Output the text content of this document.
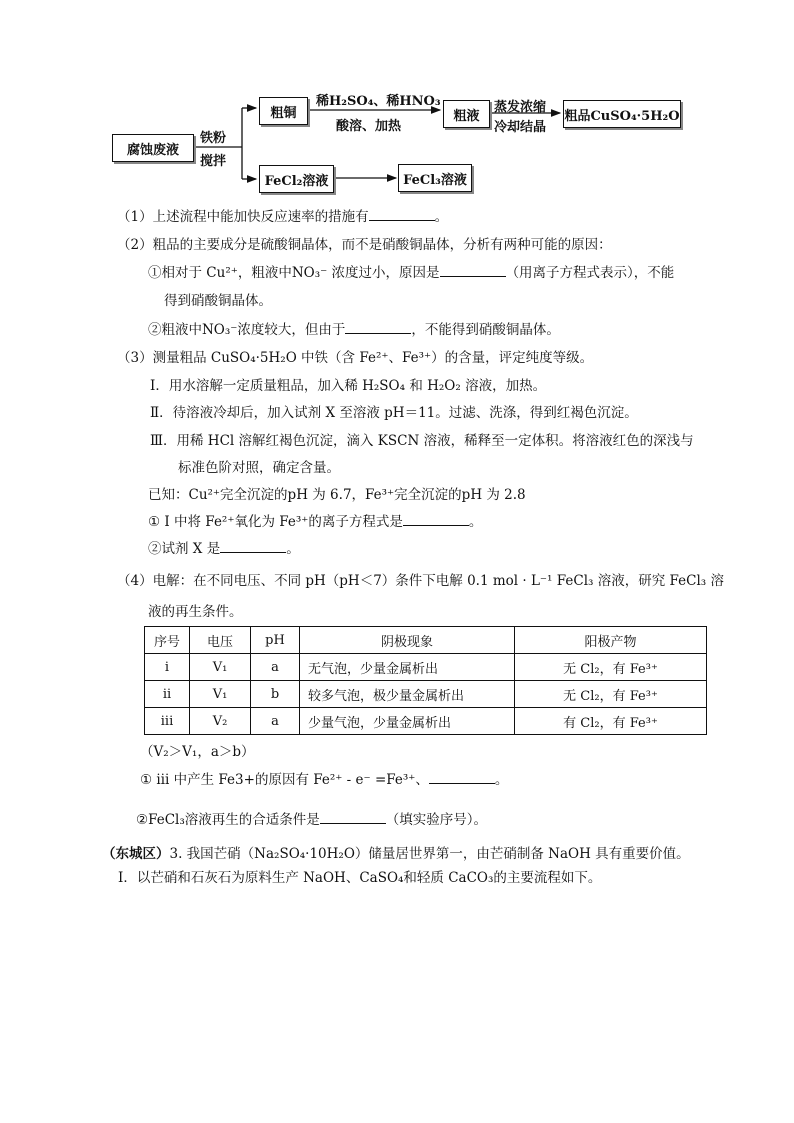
腐蚀废液
铁粉
搅拌
粗铜
稀H₂SO₄、稀HNO₃
酸溶、加热
粗液
蒸发浓缩
冷却结晶
粗品CuSO₄·5H₂O
FeCl₂溶液	FeCl₃溶液
（1）上述流程中能加快反应速率的措施有	。
（2）粗品的主要成分是硫酸铜晶体，而不是硝酸铜晶体，分析有两种可能的原因：
①相对于 Cu²⁺，粗液中NO₃⁻ 浓度过小，原因是	（用离子方程式表示），不能
得到硝酸铜晶体。
②粗液中NO₃⁻浓度较大，但由于	，不能得到硝酸铜晶体。
（3）测量粗品 CuSO₄·5H₂O 中铁（含 Fe²⁺、Fe³⁺）的含量，评定纯度等级。
Ⅰ．用水溶解一定质量粗品，加入稀 H₂SO₄ 和 H₂O₂ 溶液，加热。
Ⅱ．待溶液冷却后，加入试剂 X 至溶液 pH＝11。过滤、洗涤，得到红褐色沉淀。
Ⅲ．用稀 HCl 溶解红褐色沉淀，滴入 KSCN 溶液，稀释至一定体积。将溶液红色的深浅与
标准色阶对照，确定含量。
已知：Cu²⁺完全沉淀的pH 为 6.7，Fe³⁺完全沉淀的pH 为 2.8
① I 中将 Fe²⁺氧化为 Fe³⁺的离子方程式是	。
②试剂 X 是	。
（4）电解：在不同电压、不同 pH（pH＜7）条件下电解 0.1 mol · L⁻¹ FeCl₃ 溶液，研究 FeCl₃ 溶
液的再生条件。
序号	电压	pH	阴极现象	阳极产物
i	V₁	a	无气泡，少量金属析出	无 Cl₂，有 Fe³⁺
ii	V₁	b	较多气泡，极少量金属析出	无 Cl₂，有 Fe³⁺
iii	V₂	a	少量气泡，少量金属析出	有 Cl₂，有 Fe³⁺
（V₂＞V₁，a＞b）
① ⅲ 中产生 Fe3+的原因有 Fe²⁺ - e⁻ =Fe³⁺、	。
②FeCl₃溶液再生的合适条件是	（填实验序号）。
（东城区）3. 我国芒硝（Na₂SO₄·10H₂O）储量居世界第一，由芒硝制备 NaOH 具有重要价值。
I．以芒硝和石灰石为原料生产 NaOH、CaSO₄和轻质 CaCO₃的主要流程如下。
